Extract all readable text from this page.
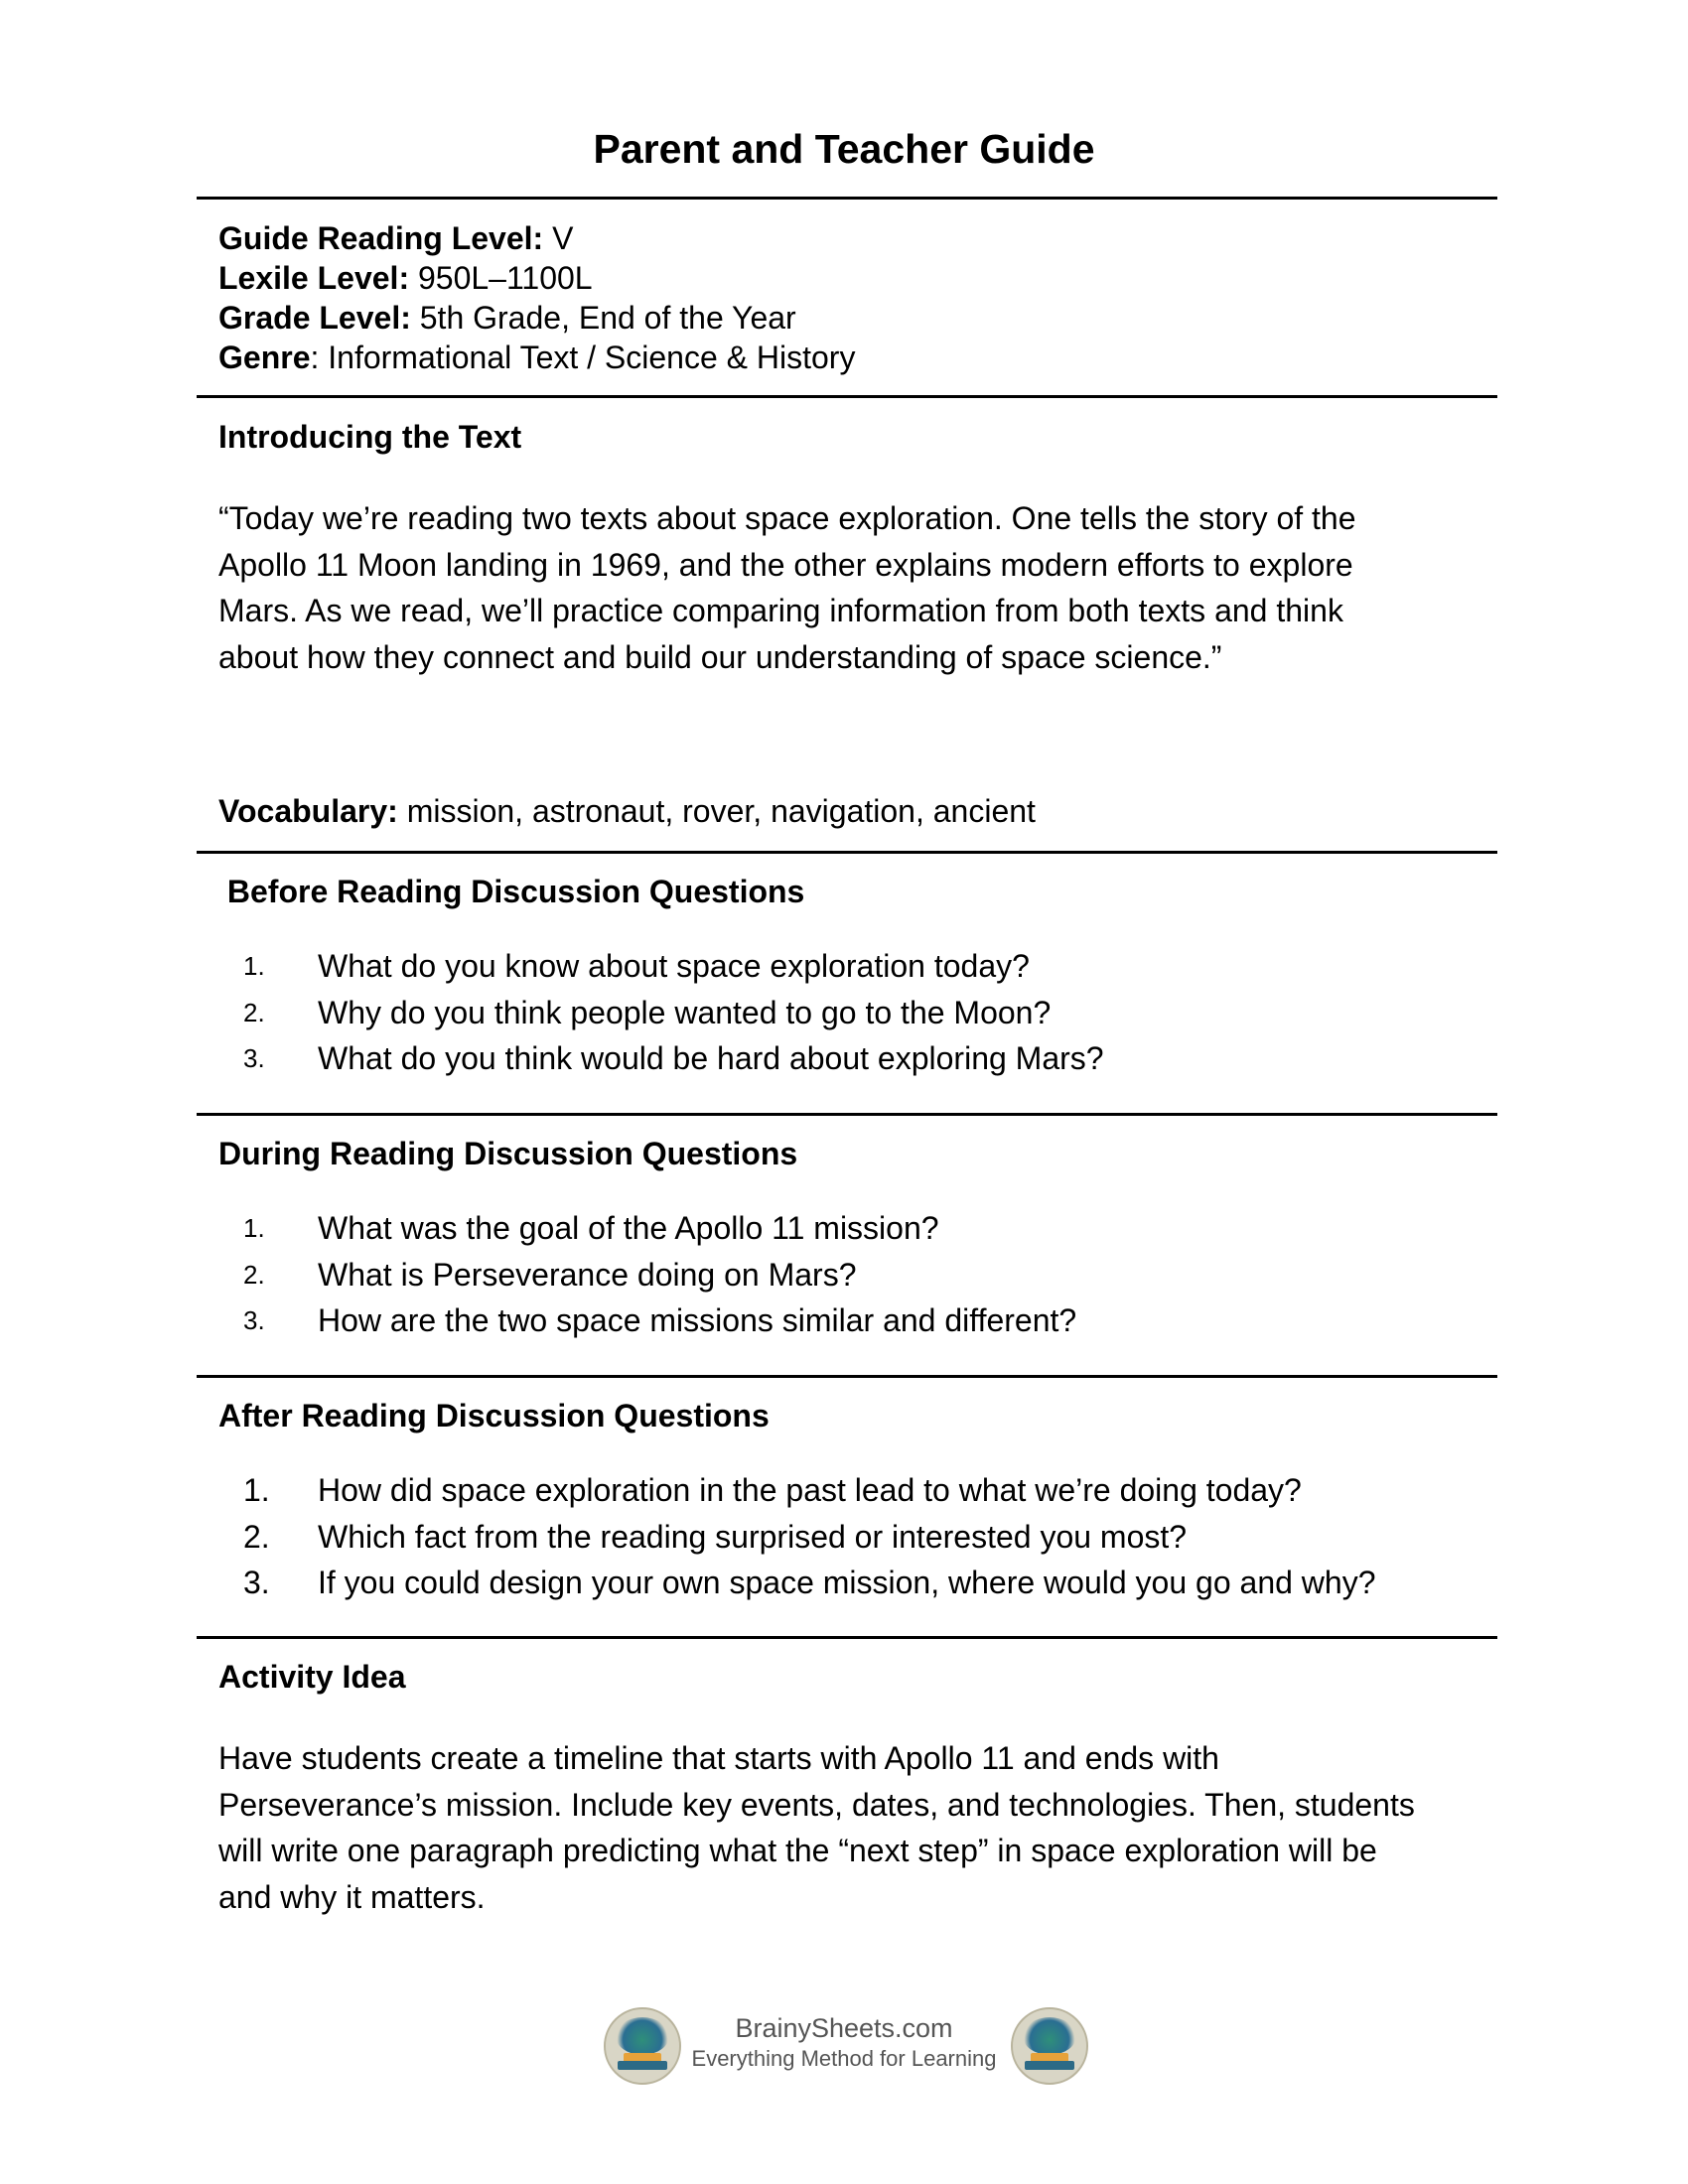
Parent and Teacher Guide

Guide Reading Level: V

Lexile Level: 950L–1100L

Grade Level: 5th Grade, End of the Year

Genre: Informational Text / Science & History

Introducing the Text

“Today we’re reading two texts about space exploration. One tells the story of the

Apollo 11 Moon landing in 1969, and the other explains modern efforts to explore

Mars. As we read, we’ll practice comparing information from both texts and think

about how they connect and build our understanding of space science.”

Vocabulary: mission, astronaut, rover, navigation, ancient

Before Reading Discussion Questions
1. What do you know about space exploration today?
2. Why do you think people wanted to go to the Moon?
3. What do you think would be hard about exploring Mars?
During Reading Discussion Questions
1. What was the goal of the Apollo 11 mission?
2. What is Perseverance doing on Mars?
3. How are the two space missions similar and different?
After Reading Discussion Questions
1. How did space exploration in the past lead to what we’re doing today?
2. Which fact from the reading surprised or interested you most?
3. If you could design your own space mission, where would you go and why?
Activity Idea

Have students create a timeline that starts with Apollo 11 and ends with

Perseverance’s mission. Include key events, dates, and technologies. Then, students

will write one paragraph predicting what the “next step” in space exploration will be

and why it matters.

BrainySheets.com
Everything Method for Learning
